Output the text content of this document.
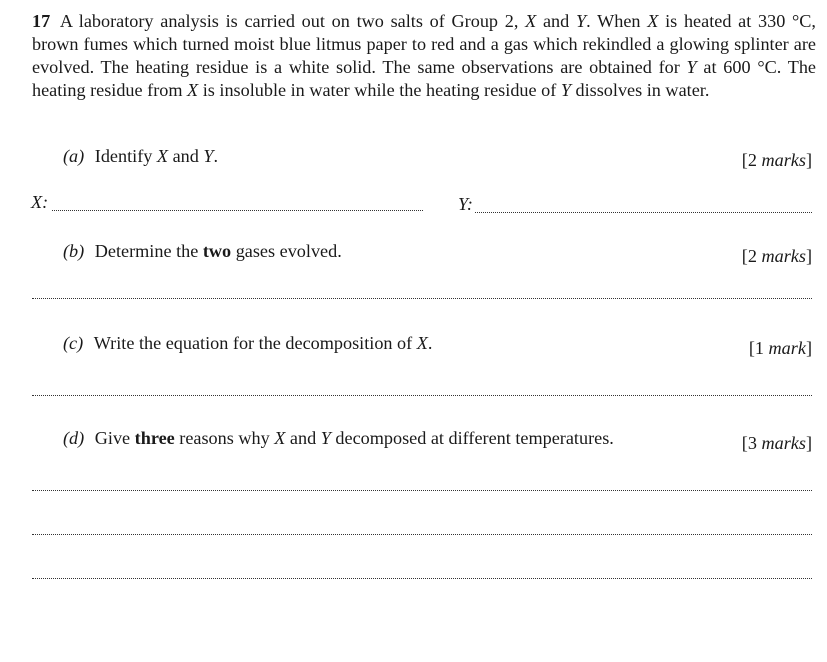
17 A laboratory analysis is carried out on two salts of Group 2, X and Y. When X is heated at 330 °C, brown fumes which turned moist blue litmus paper to red and a gas which rekindled a glowing splinter are evolved. The heating residue is a white solid. The same observations are obtained for Y at 600 °C. The heating residue from X is insoluble in water while the heating residue of Y dissolves in water.
(a) Identify X and Y.	[2 marks]
X:	Y:
(b) Determine the two gases evolved.	[2 marks]
(c) Write the equation for the decomposition of X.	[1 mark]
(d) Give three reasons why X and Y decomposed at different temperatures.	[3 marks]
